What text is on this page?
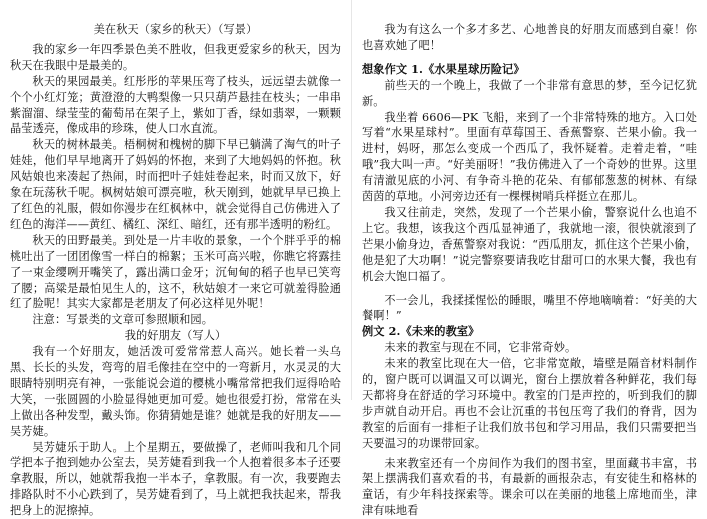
美在秋天（家乡的秋天）（写景）

我的家乡一年四季景色美不胜收，但我更爱家乡的秋天，因为秋天在我眼中是最美的。

秋天的果园最美。红彤彤的苹果压弯了枝头，远远望去就像一个个小红灯笼；黄澄澄的大鸭梨像一只只葫芦悬挂在枝头；一串串紫溜溜、绿莹莹的葡萄吊在架子上，紫如丁香，绿如翡翠，一颗颗晶莹透亮，像成串的珍珠，使人口水直流。

秋天的树林最美。梧桐树和槐树的脚下早已躺满了淘气的叶子娃娃，他们早早地离开了妈妈的怀抱，来到了大地妈妈的怀抱。秋风姑娘也来凑起了热闹，时而把叶子娃娃卷起来，时而又放下，好象在玩荡秋千呢。枫树姑娘可漂亮啦，秋天刚到，她就早早已换上了红色的礼服，假如你漫步在红枫林中，就会觉得自己仿佛进入了红色的海洋——黄红、橘红、深红、暗红，还有那半透明的粉红。

秋天的田野最美。到处是一片丰收的景象，一个个胖乎乎的棉桃吐出了一团团像雪一样白的棉絮；玉米可高兴啦，你瞧它将露挂了一束金缨咧开嘴笑了，露出满口金牙；沉甸甸的稻子也早已笑弯了腰；高粱是最怕见生人的，这不，秋姑娘才一来它可就羞得脸通红了脸呢！其实大家都是老朋友了何必这样见外呢！

注意：写景类的文章可参照顺和园。

我的好朋友（写人）

我有一个好朋友，她活泼可爱常常惹人高兴。她长着一头乌黑、长长的头发，弯弯的眉毛像挂在空中的一弯新月，水灵灵的大眼睛特别明亮有神，一张能说会道的樱桃小嘴常常把我们逗得哈哈大笑，一张圆圆的小脸显得她更加可爱。她也很爱打扮，常常在头上做出各种发型，戴头饰。你猜猜她是谁？她就是我的好朋友——吴芳婕。

吴芳婕乐于助人。上个星期五，要做操了，老师叫我和几个同学把本子抱到她办公室去，吴芳婕看到我一个人抱着很多本子还要拿教服，所以，她就帮我抱一半本子，拿教服。有一次，我要跑去排路队时不小心跌到了，吴芳婕看到了，马上就把我扶起来，帮我把身上的泥擦掉。

我为有这么一个多才多艺、心地善良的好朋友而感到自豪！你也喜欢她了吧！

想象作文 1.《水果星球历险记》

前些天的一个晚上，我做了一个非常有意思的梦，至今记忆犹新。

我坐着 6606—PK 飞船，来到了一个非常特殊的地方。入口处写着“水果星球村”。里面有草莓国王、香蕉警察、芒果小偷。我一进村，妈呀，那怎么变成一个西瓜了，我怀疑着。走着走着，“哇哦”我大叫一声。“好美丽呀！”我仿佛进入了一个奇妙的世界。这里有清澈见底的小河、有争奇斗艳的花朵、有郁郁葱葱的树林、有绿茵茵的草地。小河旁边还有一棵棵树哨兵样挺立在那儿。

我又往前走，突然，发现了一个芒果小偷，警察说什么也追不上它。我想，该我这个西瓜显神通了，我就地一滚，很快就滚到了芒果小偷身边，香蕉警察对我说：“西瓜朋友，抓住这个芒果小偷，他是犯了大功啊！”说完警察要请我吃甘甜可口的水果大餐，我也有机会大饱口福了。

不一会儿，我揉揉惺忪的睡眼，嘴里不停地嘀嘀着：“好美的大餐啊！”

例文 2.《未来的教室》

未来的教室与现在不同，它非常奇妙。

未来的教室比现在大一倍，它非常宽敞，墙壁是隔音材料制作的，窗户既可以调温又可以调光，窗台上摆放着各种鲜花，我们每天都将身在舒适的学习环境中。教室的门是声控的，听到我们的脚步声就自动开启。再也不会让沉重的书包压弯了我们的脊背，因为教室的后面有一排柜子让我们放书包和学习用品，我们只需要把当天要温习的功课带回家。

未来教室还有一个房间作为我们的图书室，里面藏书丰富，书架上摆满我们喜欢看的书，有最新的画报杂志，有安徒生和格林的童话，有少年科技探索等。课余可以在美丽的地毯上席地而坐，津津有味地看
